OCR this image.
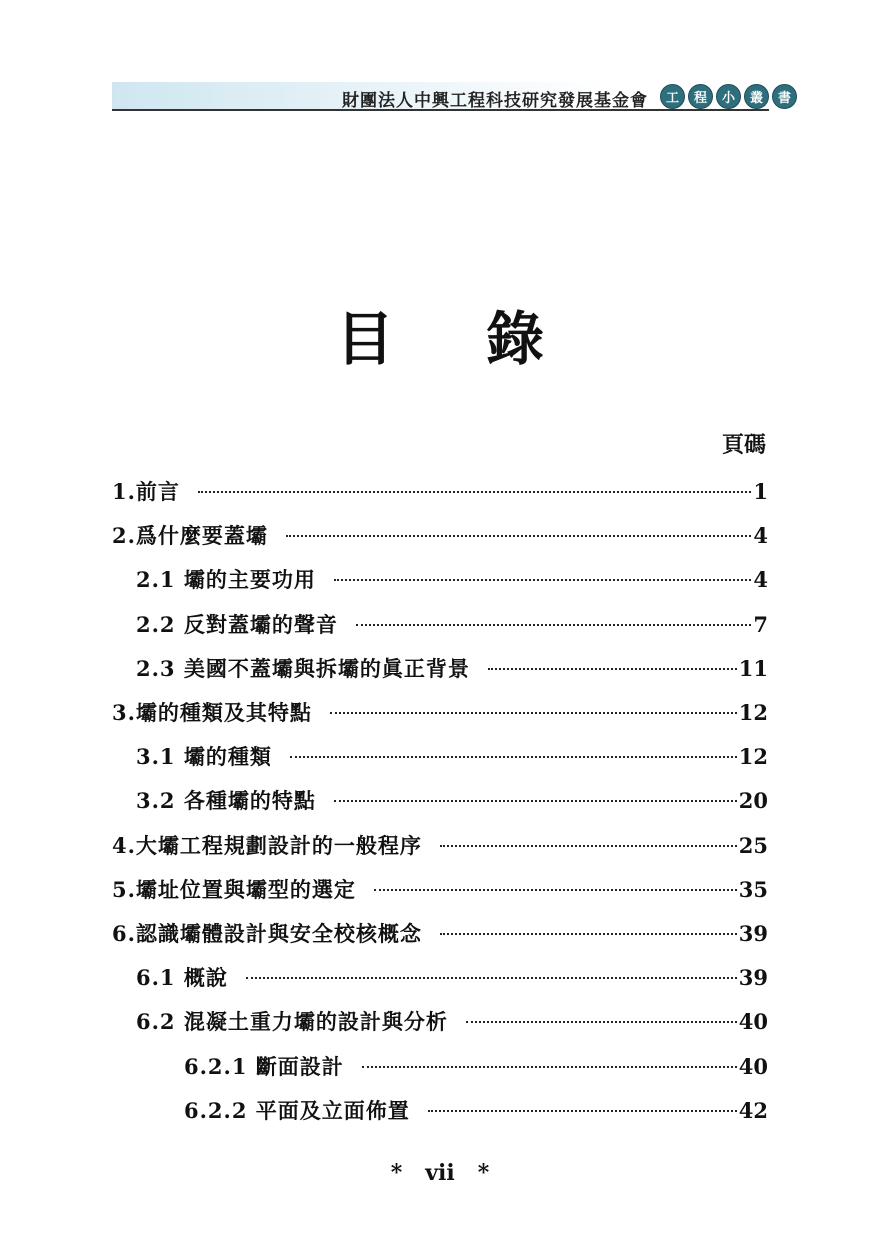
財團法人中興工程科技研究發展基金會	工	程	小	叢	書
目錄
頁碼
1.前言	1
2.爲什麼要蓋壩	4
2.1 壩的主要功用	4
2.2 反對蓋壩的聲音	7
2.3 美國不蓋壩與拆壩的眞正背景	11
3.壩的種類及其特點	12
3.1 壩的種類	12
3.2 各種壩的特點	20
4.大壩工程規劃設計的一般程序	25
5.壩址位置與壩型的選定	35
6.認識壩體設計與安全校核概念	39
6.1 概說	39
6.2 混凝土重力壩的設計與分析	40
6.2.1 斷面設計	40
6.2.2 平面及立面佈置	42
*   vii   *
